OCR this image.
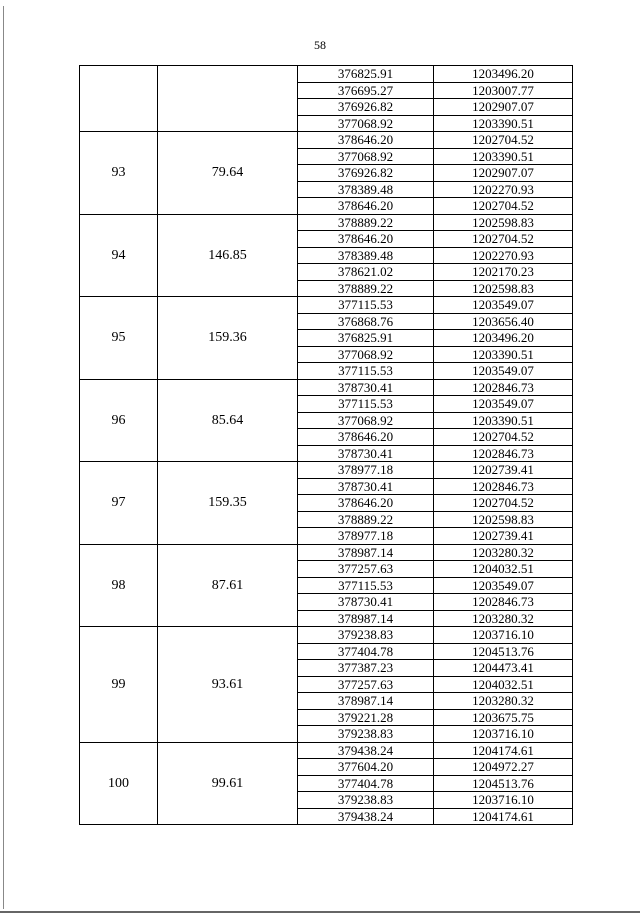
58
		376825.91	1203496.20
		376695.27	1203007.77
		376926.82	1202907.07
		377068.92	1203390.51
93	79.64	378646.20	1202704.52
		377068.92	1203390.51
		376926.82	1202907.07
		378389.48	1202270.93
		378646.20	1202704.52
94	146.85	378889.22	1202598.83
		378646.20	1202704.52
		378389.48	1202270.93
		378621.02	1202170.23
		378889.22	1202598.83
95	159.36	377115.53	1203549.07
		376868.76	1203656.40
		376825.91	1203496.20
		377068.92	1203390.51
		377115.53	1203549.07
96	85.64	378730.41	1202846.73
		377115.53	1203549.07
		377068.92	1203390.51
		378646.20	1202704.52
		378730.41	1202846.73
97	159.35	378977.18	1202739.41
		378730.41	1202846.73
		378646.20	1202704.52
		378889.22	1202598.83
		378977.18	1202739.41
98	87.61	378987.14	1203280.32
		377257.63	1204032.51
		377115.53	1203549.07
		378730.41	1202846.73
		378987.14	1203280.32
99	93.61	379238.83	1203716.10
		377404.78	1204513.76
		377387.23	1204473.41
		377257.63	1204032.51
		378987.14	1203280.32
		379221.28	1203675.75
		379238.83	1203716.10
100	99.61	379438.24	1204174.61
		377604.20	1204972.27
		377404.78	1204513.76
		379238.83	1203716.10
		379438.24	1204174.61
